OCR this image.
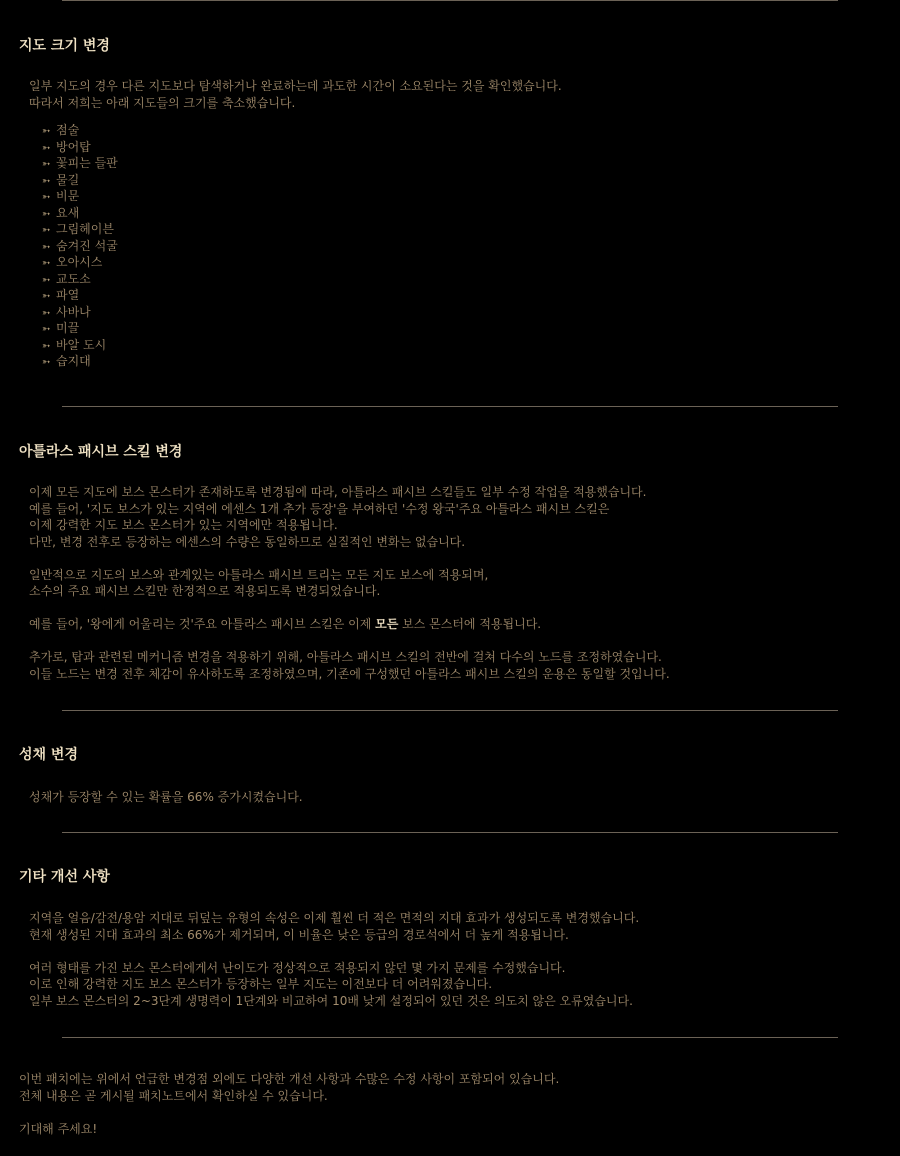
지도 크기 변경
일부 지도의 경우 다른 지도보다 탐색하거나 완료하는데 과도한 시간이 소요된다는 것을 확인했습니다.
따라서 저희는 아래 지도들의 크기를 축소했습니다.
➳ 점술
➳ 방어탑
➳ 꽃피는 들판
➳ 물길
➳ 비문
➳ 요새
➳ 그림헤이븐
➳ 숨겨진 석굴
➳ 오아시스
➳ 교도소
➳ 파열
➳ 사바나
➳ 미끌
➳ 바알 도시
➳ 습지대
아틀라스 패시브 스킬 변경
이제 모든 지도에 보스 몬스터가 존재하도록 변경됨에 따라, 아틀라스 패시브 스킬들도 일부 수정 작업을 적용했습니다.
예를 들어, '지도 보스가 있는 지역에 에센스 1개 추가 등장'을 부여하던 '수정 왕국'주요 아틀라스 패시브 스킬은
이제 강력한 지도 보스 몬스터가 있는 지역에만 적용됩니다.
다만, 변경 전후로 등장하는 에센스의 수량은 동일하므로 실질적인 변화는 없습니다.
일반적으로 지도의 보스와 관계있는 아틀라스 패시브 트리는 모든 지도 보스에 적용되며,
소수의 주요 패시브 스킬만 한정적으로 적용되도록 변경되었습니다.
예를 들어, '왕에게 어울리는 것'주요 아틀라스 패시브 스킬은 이제 모든 보스 몬스터에 적용됩니다.
추가로, 탑과 관련된 메커니즘 변경을 적용하기 위해, 아틀라스 패시브 스킬의 전반에 걸쳐 다수의 노드를 조정하였습니다.
이들 노드는 변경 전후 체감이 유사하도록 조정하였으며, 기존에 구성했던 아틀라스 패시브 스킬의 운용은 동일할 것입니다.
성채 변경
성채가 등장할 수 있는 확률을 66% 증가시켰습니다.
기타 개선 사항
지역을 얼음/감전/용암 지대로 뒤덮는 유형의 속성은 이제 훨씬 더 적은 면적의 지대 효과가 생성되도록 변경했습니다.
현재 생성된 지대 효과의 최소 66%가 제거되며, 이 비율은 낮은 등급의 경로석에서 더 높게 적용됩니다.
여러 형태를 가진 보스 몬스터에게서 난이도가 정상적으로 적용되지 않던 몇 가지 문제를 수정했습니다.
이로 인해 강력한 지도 보스 몬스터가 등장하는 일부 지도는 이전보다 더 어려워졌습니다.
일부 보스 몬스터의 2~3단계 생명력이 1단계와 비교하여 10배 낮게 설정되어 있던 것은 의도치 않은 오류였습니다.
이번 패치에는 위에서 언급한 변경점 외에도 다양한 개선 사항과 수많은 수정 사항이 포함되어 있습니다.
전체 내용은 곧 게시될 패치노트에서 확인하실 수 있습니다.
기대해 주세요!
